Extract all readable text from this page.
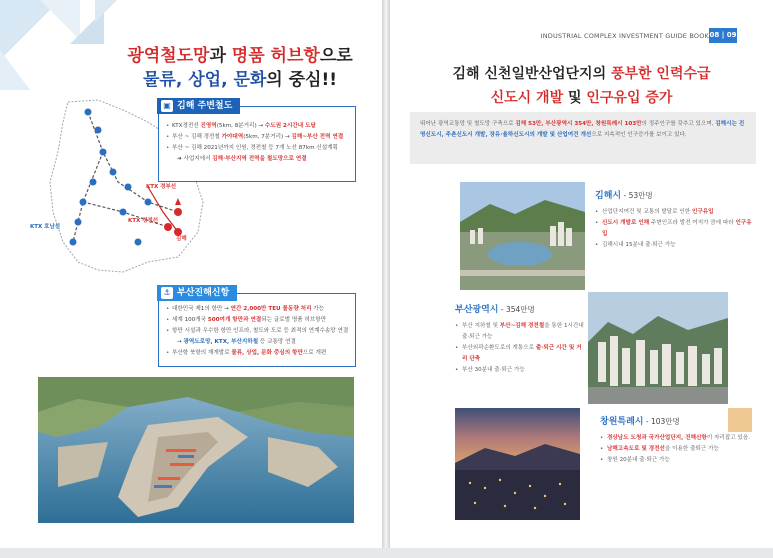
광역철도망과 명품 허브항으로
물류, 상업, 문화의 중심!!
KTX 경부선
KTX 호남선
KTX 경전선
김해
▣ 김해 주변철도
• KTX경전선 진영역(5km, 8분거리) → 수도권 2시간내 도달
• 부산 ~ 김해 경전철 가야대역(5km, 7분거리) → 김해~부산 전역 연결
• 부산 ~ 김해 2021년까지 인원, 경전철 등 7개 노선 87km 신설계획
➜ 사업지에서 김해·부산지역 전역을 철도망으로 연결
⚓ 부산진해신항
• 대한민국 제1의 항만 → 연간 2,000만 TEU 물동량 처리 가능
• 세계 100개국 500여개 항만과 연결되는 글로벌 명품 허브항만
• 항만 시설과 우수한 항만 인프라, 철도와 도로 등 최적의 연계수송망 연결
→ 광역도로망, KTX, 부산지하철 등 교통망 연결
• 부산항 북항의 재개발로 물류, 상업, 문화 중심의 항만으로 개편
INDUSTRIAL COMPLEX INVESTMENT GUIDE BOOK 08 | 09
김해 신천일반산업단지의 풍부한 인력수급
신도시 개발 및 인구유입 증가
뛰어난 광역교통망 및 철도망 구축으로 김해 53만, 부산광역시 354만, 창원특례시 103만의 정주인구를 갖추고 있으며, 김해시는 진영신도시, 주촌신도시 개발, 장유·율하신도시의 개발 및 산업여건 개선으로 지속적인 인구증가를 보이고 있다.
김해시 - 53만명
• 산업단지여건 및 교통의 발달로 인한 인구유입
• 신도시 개발로 인해 주변인프라 발전 여지가 큼에 따라 인구유입
• 김해시내 15분내 출·퇴근 가능
부산광역시 - 354만명
• 부산 지하철 및 부산~김해 경전철을 통한 1시간내 출·퇴근 가능
• 부산외곽순환도로의 개통으로 출·퇴근 시간 및 거리 단축
• 부산 30분내 출·퇴근 가능
창원특례시 - 103만명
• 경상남도 도청과 국가산업단지, 진해신항이 자리잡고 있음.
• 남해고속도로 및 경전선을 이용한 출퇴근 가능
• 창원 20분내 출·퇴근 가능
